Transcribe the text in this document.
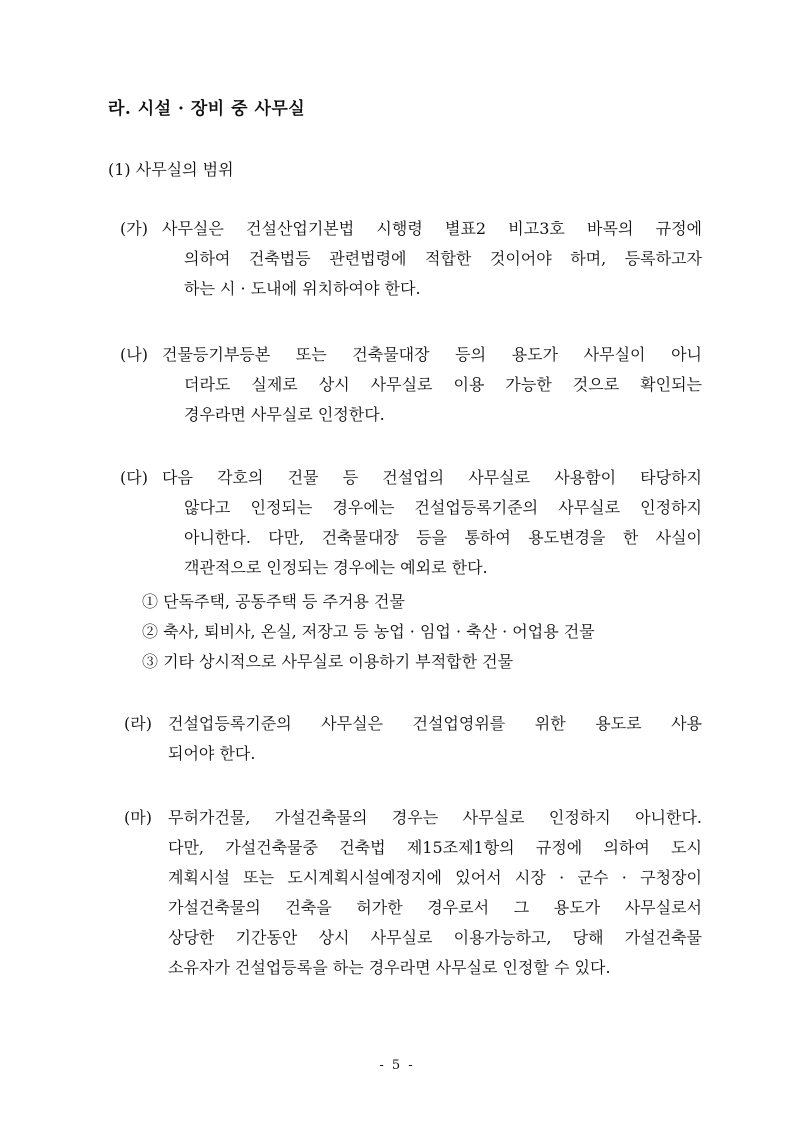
라. 시설 · 장비 중 사무실
(1) 사무실의 범위
(가) 사무실은 건설산업기본법 시행령 별표2 비고3호 바목의 규정에
의하여 건축법등 관련법령에 적합한 것이어야 하며, 등록하고자
하는 시 · 도내에 위치하여야 한다.
(나) 건물등기부등본 또는 건축물대장 등의 용도가 사무실이 아니
더라도 실제로 상시 사무실로 이용 가능한 것으로 확인되는
경우라면 사무실로 인정한다.
(다) 다음 각호의 건물 등 건설업의 사무실로 사용함이 타당하지
않다고 인정되는 경우에는 건설업등록기준의 사무실로 인정하지
아니한다. 다만, 건축물대장 등을 통하여 용도변경을 한 사실이
객관적으로 인정되는 경우에는 예외로 한다.
① 단독주택, 공동주택 등 주거용 건물
② 축사, 퇴비사, 온실, 저장고 등 농업 · 임업 · 축산 · 어업용 건물
③ 기타 상시적으로 사무실로 이용하기 부적합한 건물
(라) 건설업등록기준의 사무실은 건설업영위를 위한 용도로 사용
되어야 한다.
(마) 무허가건물, 가설건축물의 경우는 사무실로 인정하지 아니한다.
다만, 가설건축물중 건축법 제15조제1항의 규정에 의하여 도시
계획시설 또는 도시계획시설예정지에 있어서 시장 · 군수 · 구청장이
가설건축물의 건축을 허가한 경우로서 그 용도가 사무실로서
상당한 기간동안 상시 사무실로 이용가능하고, 당해 가설건축물
소유자가 건설업등록을 하는 경우라면 사무실로 인정할 수 있다.
- 5 -
